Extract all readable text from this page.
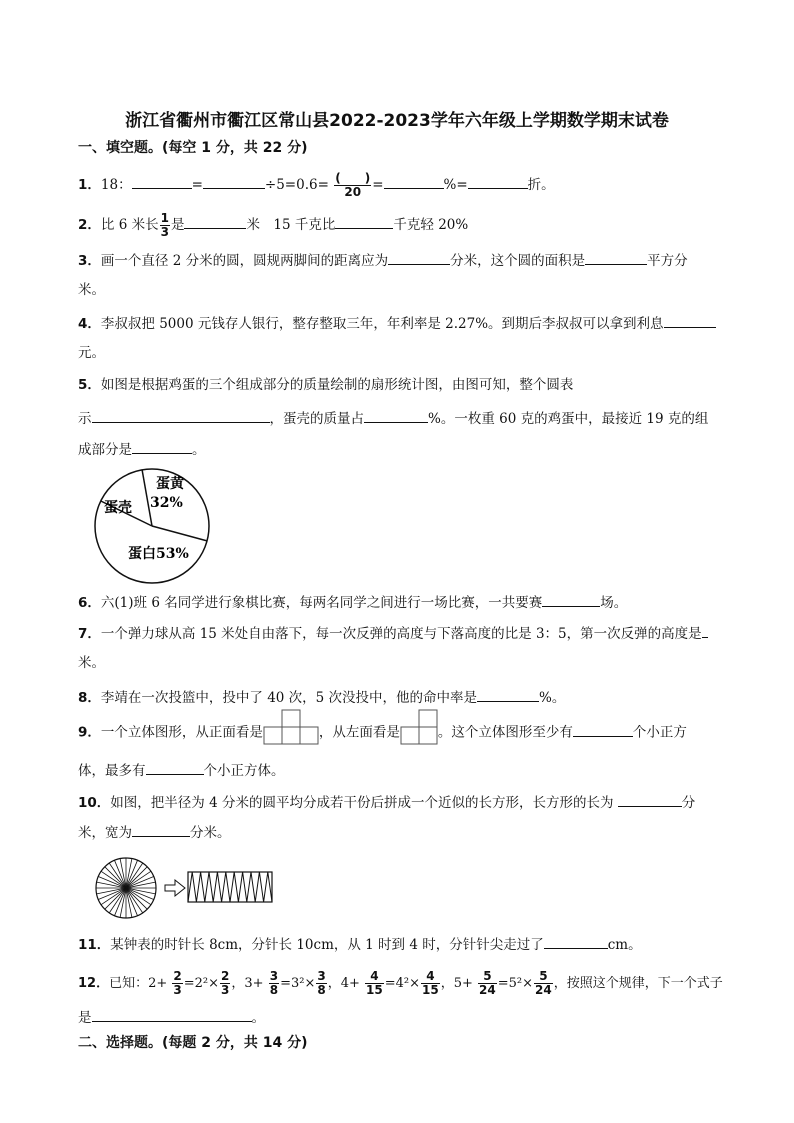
浙江省衢州市衢江区常山县2022-2023学年六年级上学期数学期末试卷
一、填空题。(每空 1 分，共 22 分)
1．18：	=	$\div 5=0.6= \frac{( )}{20}$ =	%=	折。
2．比 6 米长 $\frac{1}{3}$ 是	米　15 千克比	千克轻 20%
3．画一个直径 2 分米的圆，圆规两脚间的距离应为	分米，这个圆的面积是	平方分
米。
4．李叔叔把 5000 元钱存人银行，整存整取三年，年利率是 2.27%。到期后李叔叔可以拿到利息
元。
5．如图是根据鸡蛋的三个组成部分的质量绘制的扇形统计图，由图可知，整个圆表
示	，蛋壳的质量占	%。一枚重 60 克的鸡蛋中，最接近 19 克的组
成部分是	。
蛋黄
32%
蛋壳
蛋白53%
6．六(1)班 6 名同学进行象棋比赛，每两名同学之间进行一场比赛，一共要赛	场。
7．一个弹力球从高 15 米处自由落下，每一次反弹的高度与下落高度的比是 3：5，第一次反弹的高度是
米。
8．李靖在一次投篮中，投中了 40 次，5 次没投中，他的命中率是	%。
9．一个立体图形，从正面看是	，从左面看是	。这个立体图形至少有	个小正方
体，最多有	个小正方体。
10．如图，把半径为 4 分米的圆平均分成若干份后拼成一个近似的长方形，长方形的长为	分
米，宽为	分米。
11．某钟表的时针长 8cm，分针长 10cm，从 1 时到 4 时，分针针尖走过了	cm。
12．已知：$2+ \frac{2}{3} =2^2\times \frac{2}{3}$ ，$3+ \frac{3}{8} =3^2\times \frac{3}{8}$ ，$4+ \frac{4}{15} =4^2\times \frac{4}{15}$ ，$5+ \frac{5}{24} =5^2\times \frac{5}{24}$ ，按照这个规律，下一个式子
是	。
二、选择题。(每题 2 分，共 14 分)
